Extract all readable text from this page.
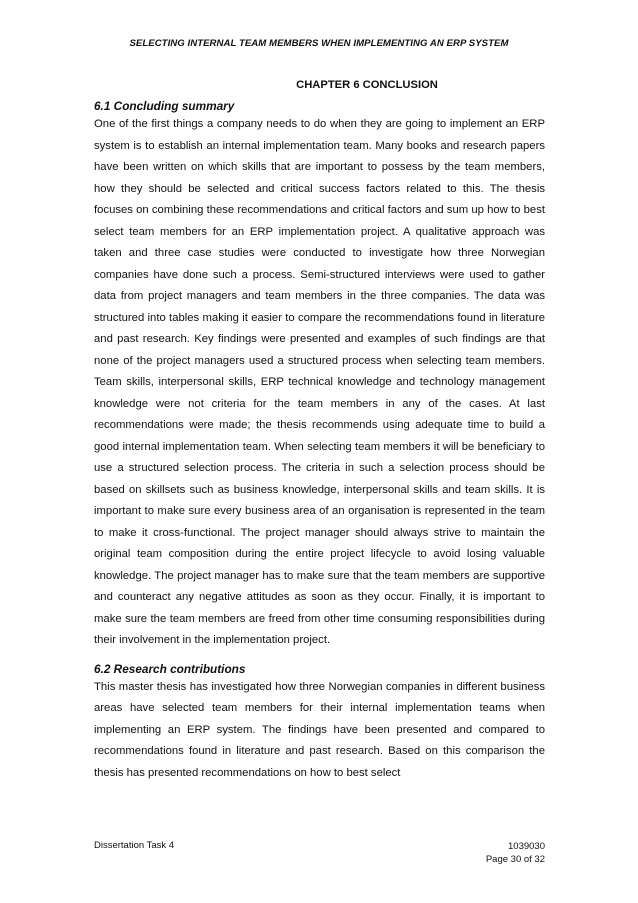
SELECTING INTERNAL TEAM MEMBERS WHEN IMPLEMENTING AN ERP SYSTEM
CHAPTER 6 CONCLUSION
6.1 Concluding summary

One of the first things a company needs to do when they are going to implement an ERP system is to establish an internal implementation team. Many books and research papers have been written on which skills that are important to possess by the team members, how they should be selected and critical success factors related to this. The thesis focuses on combining these recommendations and critical factors and sum up how to best select team members for an ERP implementation project. A qualitative approach was taken and three case studies were conducted to investigate how three Norwegian companies have done such a process. Semi-structured interviews were used to gather data from project managers and team members in the three companies. The data was structured into tables making it easier to compare the recommendations found in literature and past research. Key findings were presented and examples of such findings are that none of the project managers used a structured process when selecting team members. Team skills, interpersonal skills, ERP technical knowledge and technology management knowledge were not criteria for the team members in any of the cases. At last recommendations were made; the thesis recommends using adequate time to build a good internal implementation team. When selecting team members it will be beneficiary to use a structured selection process. The criteria in such a selection process should be based on skillsets such as business knowledge, interpersonal skills and team skills. It is important to make sure every business area of an organisation is represented in the team to make it cross-functional. The project manager should always strive to maintain the original team composition during the entire project lifecycle to avoid losing valuable knowledge. The project manager has to make sure that the team members are supportive and counteract any negative attitudes as soon as they occur. Finally, it is important to make sure the team members are freed from other time consuming responsibilities during their involvement in the implementation project.

6.2 Research contributions

This master thesis has investigated how three Norwegian companies in different business areas have selected team members for their internal implementation teams when implementing an ERP system. The findings have been presented and compared to recommendations found in literature and past research. Based on this comparison the thesis has presented recommendations on how to best select

Dissertation Task 4	1039030
Page 30 of 32
